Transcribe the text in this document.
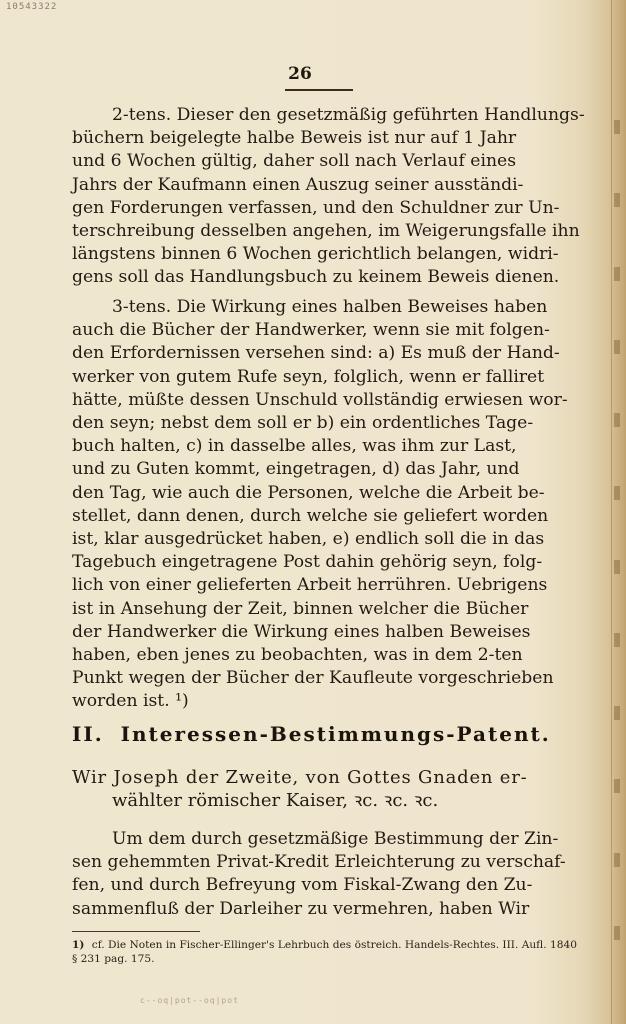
10543322
26

2-tens. Dieser den gesetzmäßig geführten Handlungs-

büchern beigelegte halbe Beweis ist nur auf 1 Jahr

und 6 Wochen gültig, daher soll nach Verlauf eines

Jahrs der Kaufmann einen Auszug seiner ausständi-

gen Forderungen verfassen, und den Schuldner zur Un-

terschreibung desselben angehen, im Weigerungsfalle ihn

längstens binnen 6 Wochen gerichtlich belangen, widri-

gens soll das Handlungsbuch zu keinem Beweis dienen.

3-tens. Die Wirkung eines halben Beweises haben

auch die Bücher der Handwerker, wenn sie mit folgen-

den Erfordernissen versehen sind: a) Es muß der Hand-

werker von gutem Rufe seyn, folglich, wenn er falliret

hätte, müßte dessen Unschuld vollständig erwiesen wor-

den seyn; nebst dem soll er b) ein ordentliches Tage-

buch halten, c) in dasselbe alles, was ihm zur Last,

und zu Guten kommt, eingetragen, d) das Jahr, und

den Tag, wie auch die Personen, welche die Arbeit be-

stellet, dann denen, durch welche sie geliefert worden

ist, klar ausgedrücket haben, e) endlich soll die in das

Tagebuch eingetragene Post dahin gehörig seyn, folg-

lich von einer gelieferten Arbeit herrühren. Uebrigens

ist in Ansehung der Zeit, binnen welcher die Bücher

der Handwerker die Wirkung eines halben Beweises

haben, eben jenes zu beobachten, was in dem 2-ten

Punkt wegen der Bücher der Kaufleute vorgeschrieben

worden ist. ¹)

II. Interessen-Bestimmungs-Patent.
Wir Joseph der Zweite, von Gottes Gnaden er-
wählter römischer Kaiser, ꝛc. ꝛc. ꝛc.

Um dem durch gesetzmäßige Bestimmung der Zin-

sen gehemmten Privat-Kredit Erleichterung zu verschaf-

fen, und durch Befreyung vom Fiskal-Zwang den Zu-

sammenfluß der Darleiher zu vermehren, haben Wir

1) cf. Die Noten in Fischer-Ellinger's Lehrbuch des östreich. Handels-Rechtes. III. Aufl. 1840
§ 231 pag. 175.
c--oq|pot--oq|pot
